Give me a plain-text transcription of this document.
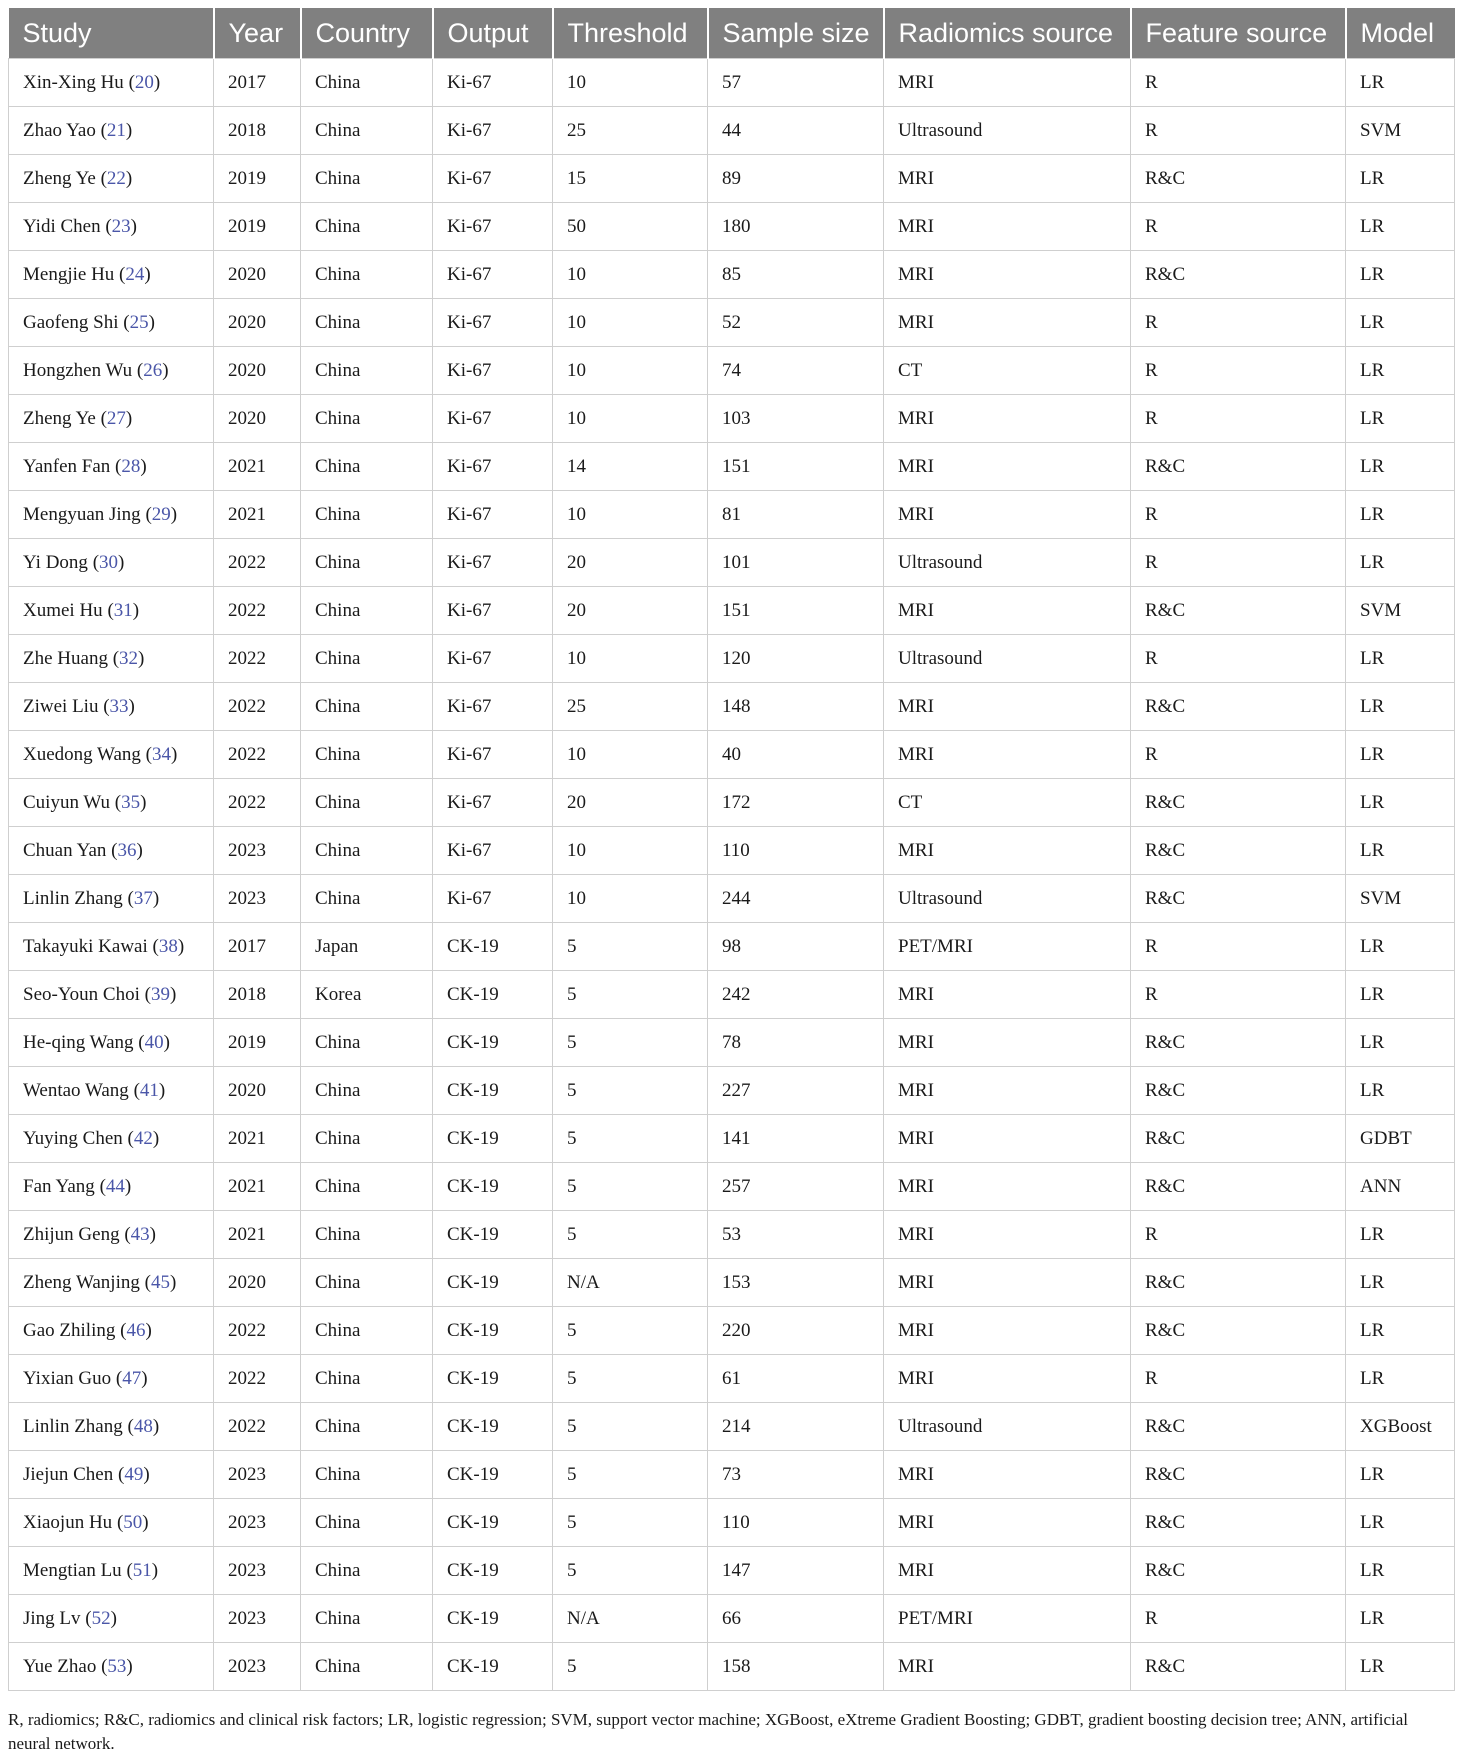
Study	Year	Country	Output	Threshold	Sample size	Radiomics source	Feature source	Model
Xin-Xing Hu (20)	2017	China	Ki-67	10	57	MRI	R	LR
Zhao Yao (21)	2018	China	Ki-67	25	44	Ultrasound	R	SVM
Zheng Ye (22)	2019	China	Ki-67	15	89	MRI	R&C	LR
Yidi Chen (23)	2019	China	Ki-67	50	180	MRI	R	LR
Mengjie Hu (24)	2020	China	Ki-67	10	85	MRI	R&C	LR
Gaofeng Shi (25)	2020	China	Ki-67	10	52	MRI	R	LR
Hongzhen Wu (26)	2020	China	Ki-67	10	74	CT	R	LR
Zheng Ye (27)	2020	China	Ki-67	10	103	MRI	R	LR
Yanfen Fan (28)	2021	China	Ki-67	14	151	MRI	R&C	LR
Mengyuan Jing (29)	2021	China	Ki-67	10	81	MRI	R	LR
Yi Dong (30)	2022	China	Ki-67	20	101	Ultrasound	R	LR
Xumei Hu (31)	2022	China	Ki-67	20	151	MRI	R&C	SVM
Zhe Huang (32)	2022	China	Ki-67	10	120	Ultrasound	R	LR
Ziwei Liu (33)	2022	China	Ki-67	25	148	MRI	R&C	LR
Xuedong Wang (34)	2022	China	Ki-67	10	40	MRI	R	LR
Cuiyun Wu (35)	2022	China	Ki-67	20	172	CT	R&C	LR
Chuan Yan (36)	2023	China	Ki-67	10	110	MRI	R&C	LR
Linlin Zhang (37)	2023	China	Ki-67	10	244	Ultrasound	R&C	SVM
Takayuki Kawai (38)	2017	Japan	CK-19	5	98	PET/MRI	R	LR
Seo-Youn Choi (39)	2018	Korea	CK-19	5	242	MRI	R	LR
He-qing Wang (40)	2019	China	CK-19	5	78	MRI	R&C	LR
Wentao Wang (41)	2020	China	CK-19	5	227	MRI	R&C	LR
Yuying Chen (42)	2021	China	CK-19	5	141	MRI	R&C	GDBT
Fan Yang (44)	2021	China	CK-19	5	257	MRI	R&C	ANN
Zhijun Geng (43)	2021	China	CK-19	5	53	MRI	R	LR
Zheng Wanjing (45)	2020	China	CK-19	N/A	153	MRI	R&C	LR
Gao Zhiling (46)	2022	China	CK-19	5	220	MRI	R&C	LR
Yixian Guo (47)	2022	China	CK-19	5	61	MRI	R	LR
Linlin Zhang (48)	2022	China	CK-19	5	214	Ultrasound	R&C	XGBoost
Jiejun Chen (49)	2023	China	CK-19	5	73	MRI	R&C	LR
Xiaojun Hu (50)	2023	China	CK-19	5	110	MRI	R&C	LR
Mengtian Lu (51)	2023	China	CK-19	5	147	MRI	R&C	LR
Jing Lv (52)	2023	China	CK-19	N/A	66	PET/MRI	R	LR
Yue Zhao (53)	2023	China	CK-19	5	158	MRI	R&C	LR
R, radiomics; R&C, radiomics and clinical risk factors; LR, logistic regression; SVM, support vector machine; XGBoost, eXtreme Gradient Boosting; GDBT, gradient boosting decision tree; ANN, artificial neural network.
